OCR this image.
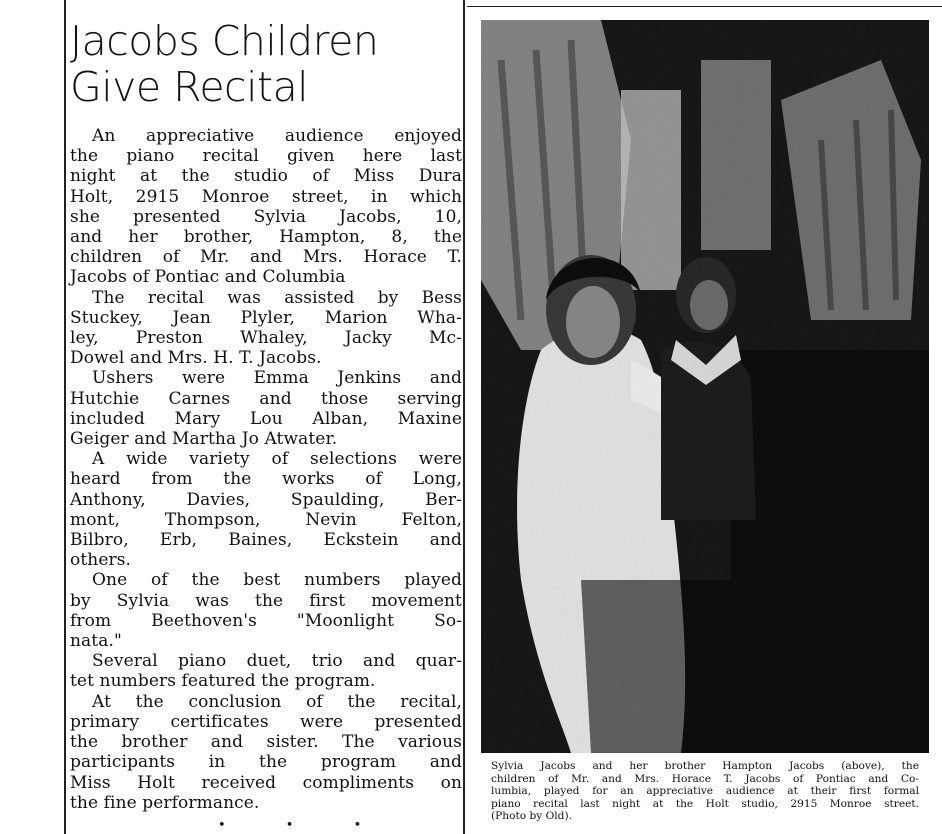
Jacobs Children
Give Recital
An appreciative audience enjoyed
the piano recital given here last
night at the studio of Miss Dura
Holt, 2915 Monroe street, in which
she presented Sylvia Jacobs, 10,
and her brother, Hampton, 8, the
children of Mr. and Mrs. Horace T.
Jacobs of Pontiac and Columbia
The recital was assisted by Bess
Stuckey, Jean Plyler, Marion Wha-
ley, Preston Whaley, Jacky Mc-
Dowel and Mrs. H. T. Jacobs.
Ushers were Emma Jenkins and
Hutchie Carnes and those serving
included Mary Lou Alban, Maxine
Geiger and Martha Jo Atwater.
A wide variety of selections were
heard from the works of Long,
Anthony, Davies, Spaulding, Ber-
mont, Thompson, Nevin Felton,
Bilbro, Erb, Baines, Eckstein and
others.
One of the best numbers played
by Sylvia was the first movement
from Beethoven's "Moonlight So-
nata."
Several piano duet, trio and quar-
tet numbers featured the program.
At the conclusion of the recital,
primary certificates were presented
the brother and sister. The various
participants in the program and
Miss Holt received compliments on
the fine performance.
• • •
Sylvia Jacobs and her brother Hampton Jacobs (above), the
children of Mr. and Mrs. Horace T. Jacobs of Pontiac and Co-
lumbia, played for an appreciative audience at their first formal
piano recital last night at the Holt studio, 2915 Monroe street.
(Photo by Old).
